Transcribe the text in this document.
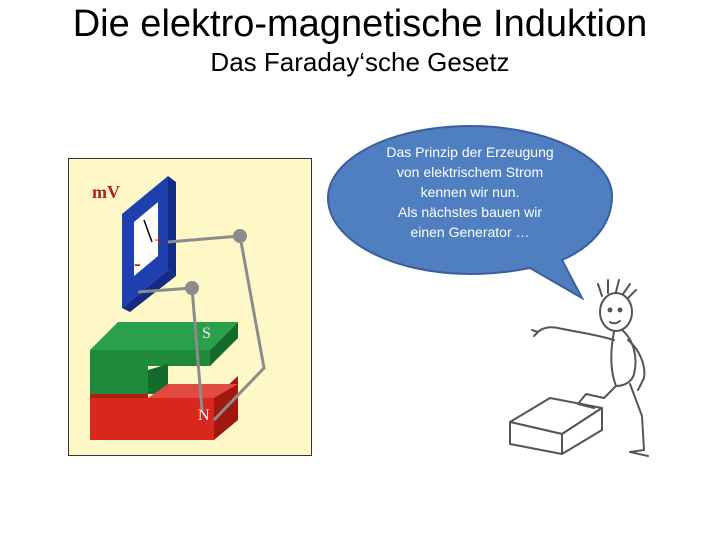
Die elektro-magnetische Induktion
Das Faraday‘sche Gesetz
mV
+
-
S
N
Das Prinzip der Erzeugung
von elektrischem Strom
kennen wir nun.
Als nächstes bauen wir
einen Generator …
